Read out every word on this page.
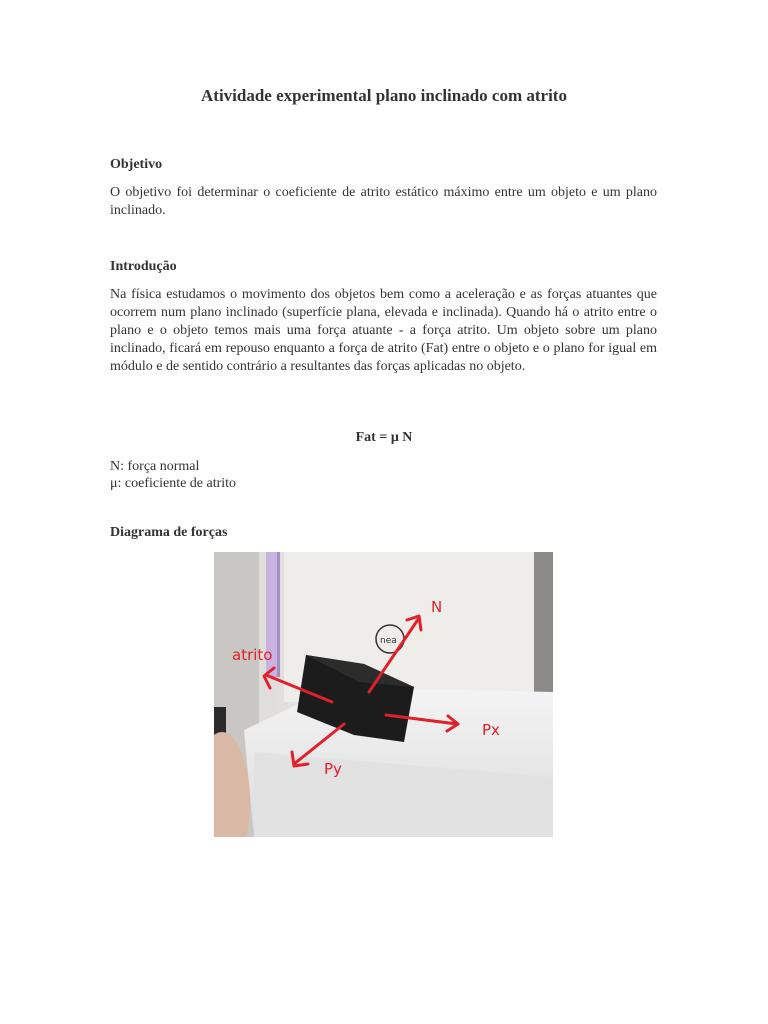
Atividade experimental plano inclinado com atrito
Objetivo
O objetivo foi determinar o coeficiente de atrito estático máximo entre um objeto e um plano inclinado.
Introdução
Na física estudamos o movimento dos objetos bem como a aceleração e as forças atuantes que ocorrem num plano inclinado (superfície plana, elevada e inclinada). Quando há o atrito entre o plano e o objeto temos mais uma força atuante - a força atrito. Um objeto sobre um plano inclinado, ficará em repouso enquanto a força de atrito (Fat) entre o objeto e o plano for igual em módulo e de sentido contrário a resultantes das forças aplicadas no objeto.
Fat = μ N
N: força normal
μ: coeficiente de atrito
Diagrama de forças
nea
N
atrito
Px
Py
